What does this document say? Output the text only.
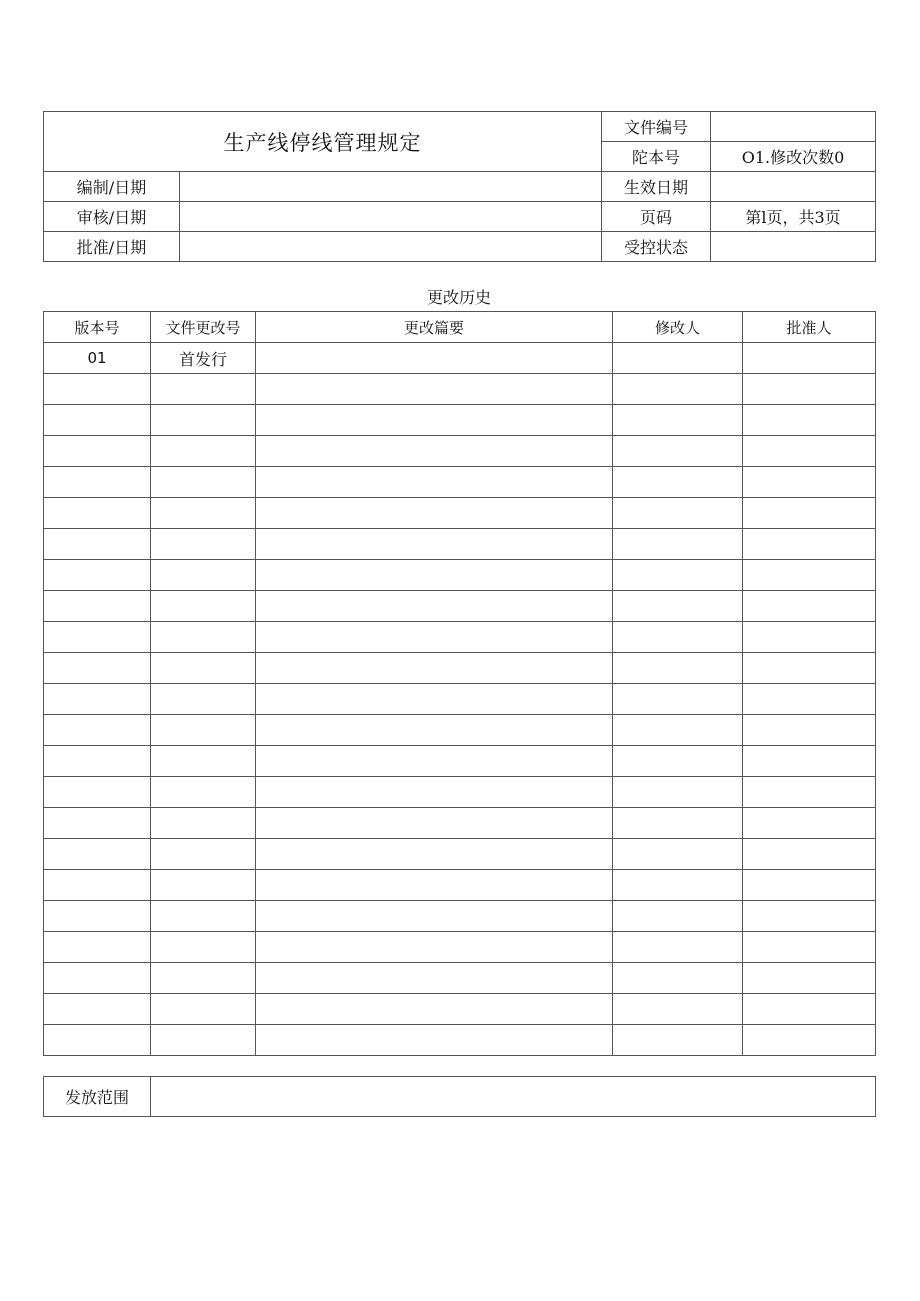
生产线停线管理规定		文件编号	
		陀本号	O1.修改次数0
编制/日期		生效日期	
审核/日期		页码	第l页，共3页
批准/日期		受控状态	
更改历史
版本号	文件更改号	更改篇要	修改人	批准人
01	首发行			

发放范围	
